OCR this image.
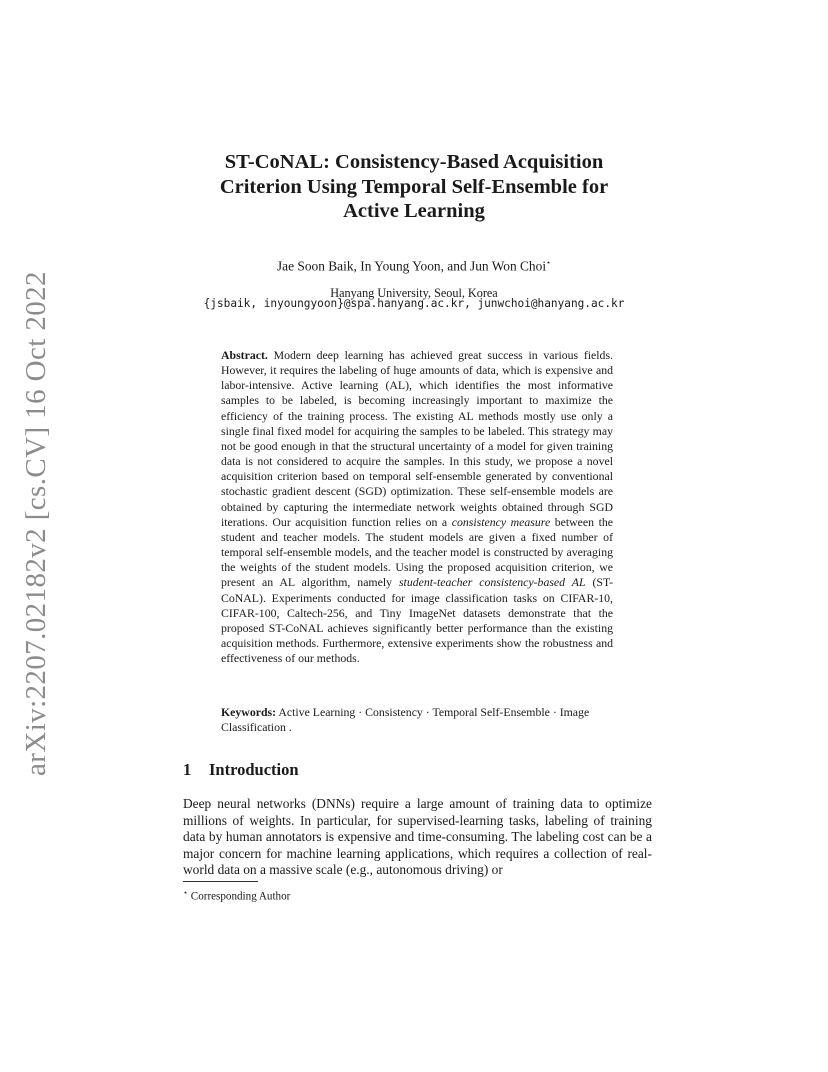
arXiv:2207.02182v2 [cs.CV] 16 Oct 2022
ST-CoNAL: Consistency-Based Acquisition
Criterion Using Temporal Self-Ensemble for
Active Learning
Jae Soon Baik, In Young Yoon, and Jun Won Choi⋆
Hanyang University, Seoul, Korea
{jsbaik, inyoungyoon}@spa.hanyang.ac.kr, junwchoi@hanyang.ac.kr

Abstract. Modern deep learning has achieved great success in various fields. However, it requires the labeling of huge amounts of data, which is expensive and labor-intensive. Active learning (AL), which identifies the most informative samples to be labeled, is becoming increasingly important to maximize the efficiency of the training process. The existing AL methods mostly use only a single final fixed model for acquiring the samples to be labeled. This strategy may not be good enough in that the structural uncertainty of a model for given training data is not considered to acquire the samples. In this study, we propose a novel acquisition criterion based on temporal self-ensemble generated by conventional stochastic gradient descent (SGD) optimization. These self-ensemble models are obtained by capturing the intermediate network weights obtained through SGD iterations. Our acquisition function relies on a consistency measure between the student and teacher models. The student models are given a fixed number of temporal self-ensemble models, and the teacher model is constructed by averaging the weights of the student models. Using the proposed acquisition criterion, we present an AL algorithm, namely student-teacher consistency-based AL (ST-CoNAL). Experiments conducted for image classification tasks on CIFAR-10, CIFAR-100, Caltech-256, and Tiny ImageNet datasets demonstrate that the proposed ST-CoNAL achieves significantly better performance than the existing acquisition methods. Furthermore, extensive experiments show the robustness and effectiveness of our methods.

Keywords: Active Learning · Consistency · Temporal Self-Ensemble · Image Classification .

1 Introduction

Deep neural networks (DNNs) require a large amount of training data to optimize millions of weights. In particular, for supervised-learning tasks, labeling of training data by human annotators is expensive and time-consuming. The labeling cost can be a major concern for machine learning applications, which requires a collection of real-world data on a massive scale (e.g., autonomous driving) or

⋆ Corresponding Author
